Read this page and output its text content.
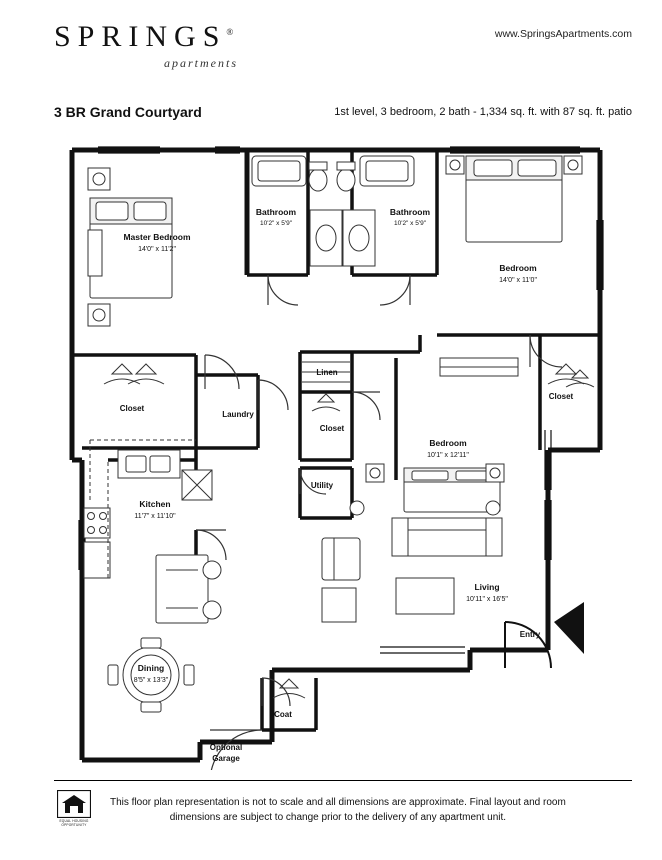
SPRINGS®
apartments
www.SpringsApartments.com
3 BR Grand Courtyard	1st level, 3 bedroom, 2 bath - 1,334 sq. ft. with 87 sq. ft. patio
Master Bedroom
14'0" x 11'2"
Bathroom
10'2" x 5'9"
Bathroom
10'2" x 5'9"
Bedroom
14'0" x 11'0"
Bedroom
10'1" x 12'11"
Living
10'11" x 16'5"
Kitchen
11'7" x 11'10"
Dining
8'5" x 13'3"
Closet
Laundry
Linen
Closet
Utility
Closet
Entry
Coat
Optional
Garage
EQUAL HOUSING OPPORTUNITY
This floor plan representation is not to scale and all dimensions are approximate. Final layout and room
dimensions are subject to change prior to the delivery of any apartment unit.
